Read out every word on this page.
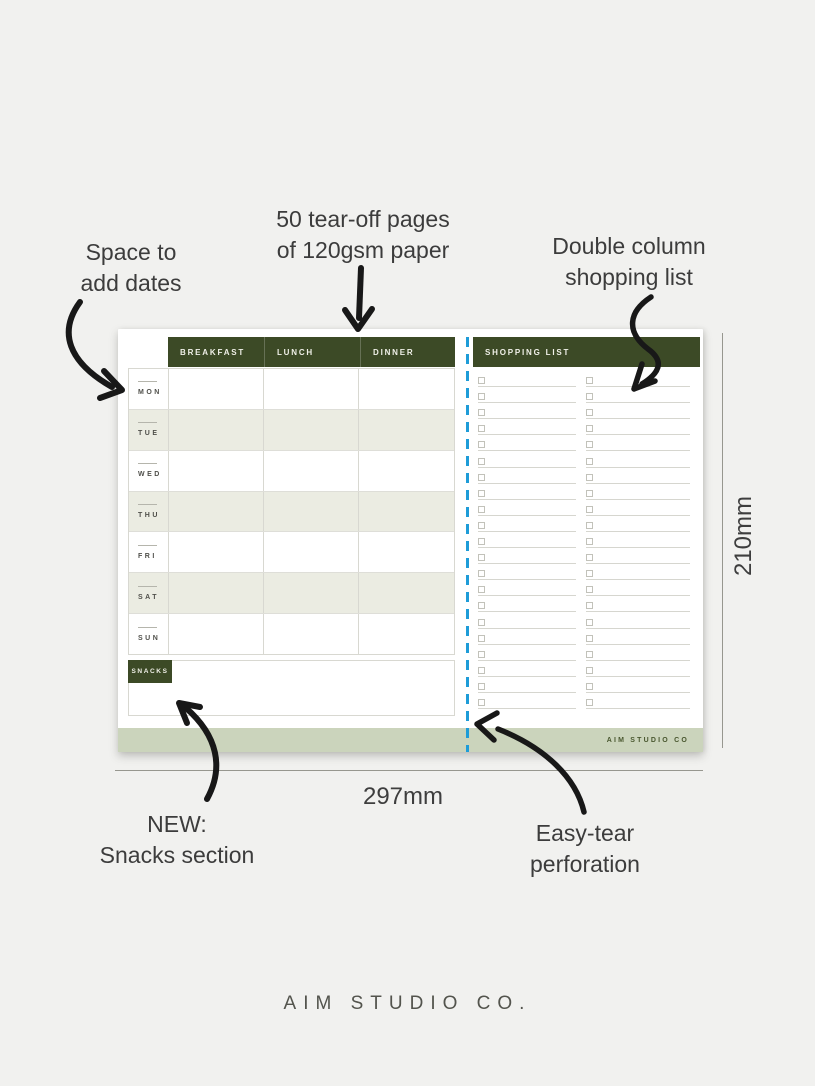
Space to
add dates
50 tear-off pages
of 120gsm paper	Double column
shopping list
BREAKFAST	LUNCH	DINNER	SHOPPING LIST
MON
TUE
WED
THU
FRI
SAT
SUN
SNACKS
AIM STUDIO CO
297mm
210mm
NEW:
Snacks section
Easy-tear
perforation
AIM STUDIO CO.
